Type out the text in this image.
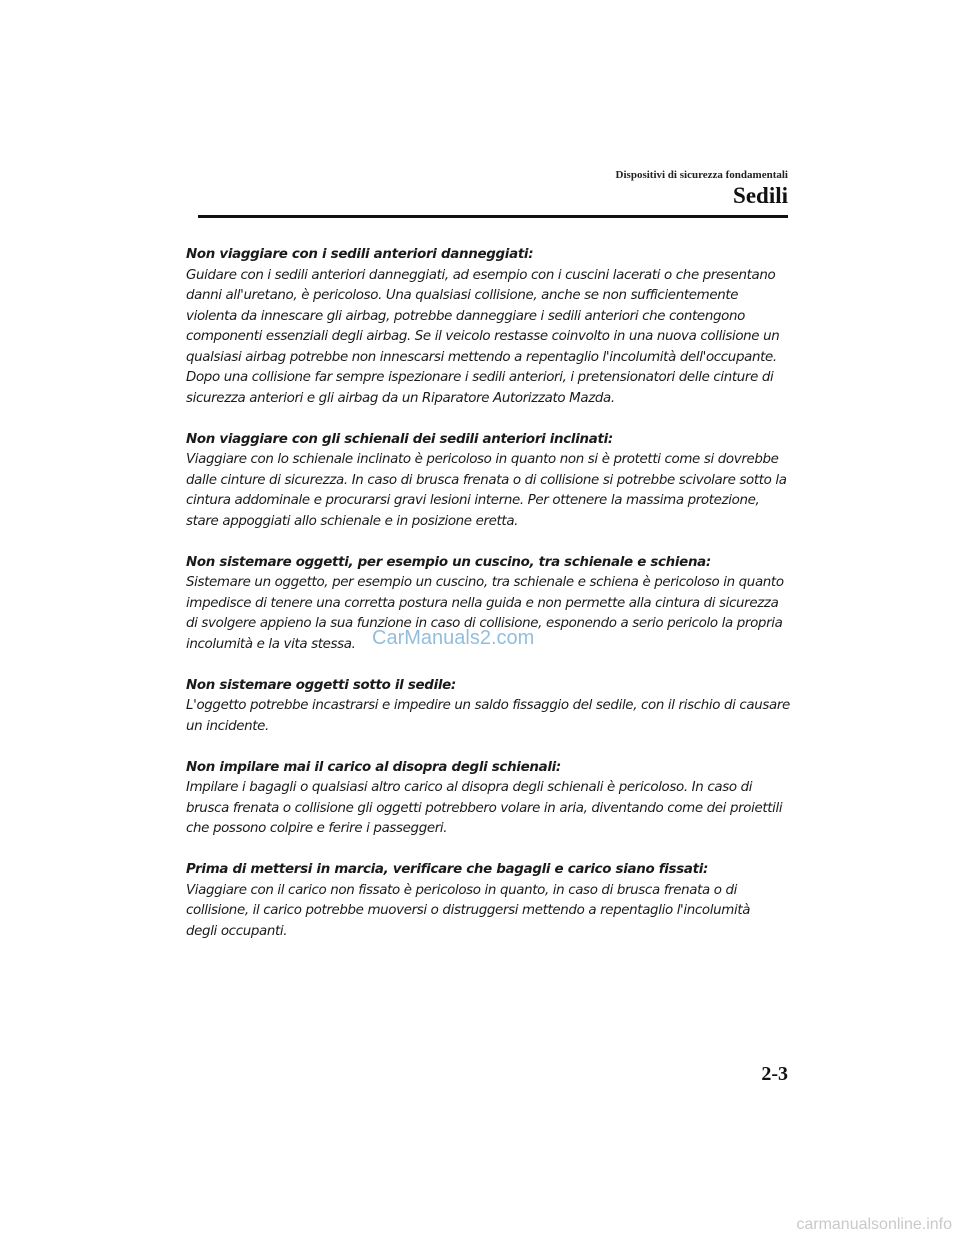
Dispositivi di sicurezza fondamentali
Sedili
Non viaggiare con i sedili anteriori danneggiati:

Guidare con i sedili anteriori danneggiati, ad esempio con i cuscini lacerati o che presentano
danni all'uretano, è pericoloso. Una qualsiasi collisione, anche se non sufficientemente
violenta da innescare gli airbag, potrebbe danneggiare i sedili anteriori che contengono
componenti essenziali degli airbag. Se il veicolo restasse coinvolto in una nuova collisione un
qualsiasi airbag potrebbe non innescarsi mettendo a repentaglio l'incolumità dell'occupante.
Dopo una collisione far sempre ispezionare i sedili anteriori, i pretensionatori delle cinture di
sicurezza anteriori e gli airbag da un Riparatore Autorizzato Mazda.

Non viaggiare con gli schienali dei sedili anteriori inclinati:

Viaggiare con lo schienale inclinato è pericoloso in quanto non si è protetti come si dovrebbe
dalle cinture di sicurezza. In caso di brusca frenata o di collisione si potrebbe scivolare sotto la
cintura addominale e procurarsi gravi lesioni interne. Per ottenere la massima protezione,
stare appoggiati allo schienale e in posizione eretta.

Non sistemare oggetti, per esempio un cuscino, tra schienale e schiena:

Sistemare un oggetto, per esempio un cuscino, tra schienale e schiena è pericoloso in quanto
impedisce di tenere una corretta postura nella guida e non permette alla cintura di sicurezza
di svolgere appieno la sua funzione in caso di collisione, esponendo a serio pericolo la propria
incolumità e la vita stessa.

Non sistemare oggetti sotto il sedile:

L'oggetto potrebbe incastrarsi e impedire un saldo fissaggio del sedile, con il rischio di causare
un incidente.

Non impilare mai il carico al disopra degli schienali:

Impilare i bagagli o qualsiasi altro carico al disopra degli schienali è pericoloso. In caso di
brusca frenata o collisione gli oggetti potrebbero volare in aria, diventando come dei proiettili
che possono colpire e ferire i passeggeri.

Prima di mettersi in marcia, verificare che bagagli e carico siano fissati:

Viaggiare con il carico non fissato è pericoloso in quanto, in caso di brusca frenata o di
collisione, il carico potrebbe muoversi o distruggersi mettendo a repentaglio l'incolumità
degli occupanti.

CarManuals2.com
2-3
carmanualsonline.info
